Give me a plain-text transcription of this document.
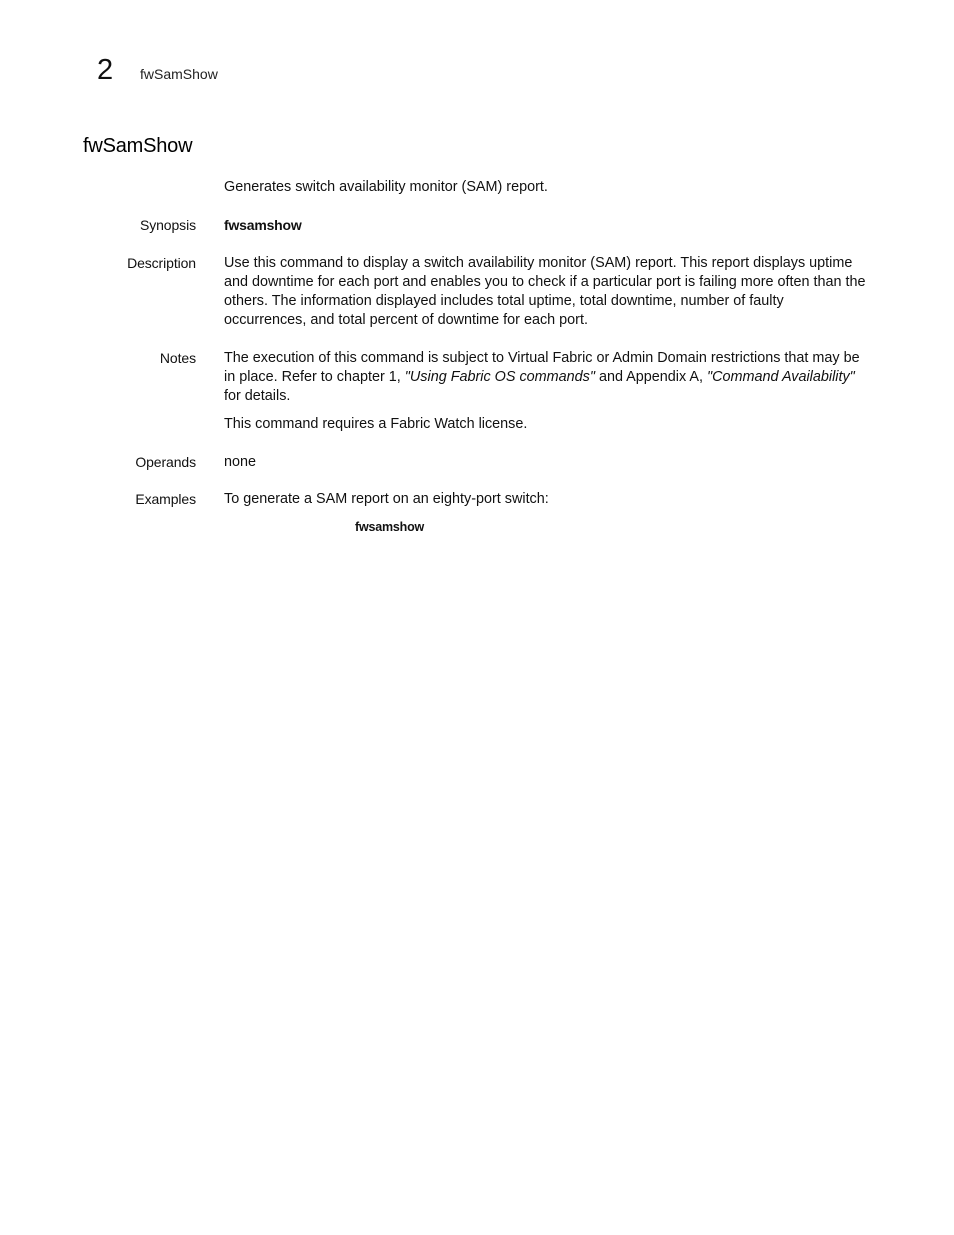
2 fwSamShow
fwSamShow

Generates switch availability monitor (SAM) report.

Synopsis fwsamshow

Description Use this command to display a switch availability monitor (SAM) report. This report displays uptime and downtime for each port and enables you to check if a particular port is failing more often than the others. The information displayed includes total uptime, total downtime, number of faulty occurrences, and total percent of downtime for each port.

Notes The execution of this command is subject to Virtual Fabric or Admin Domain restrictions that may be in place. Refer to chapter 1, "Using Fabric OS commands" and Appendix A, "Command Availability" for details.

This command requires a Fabric Watch license.

Operands none

Examples To generate a SAM report on an eighty-port switch:

fwsamshow
